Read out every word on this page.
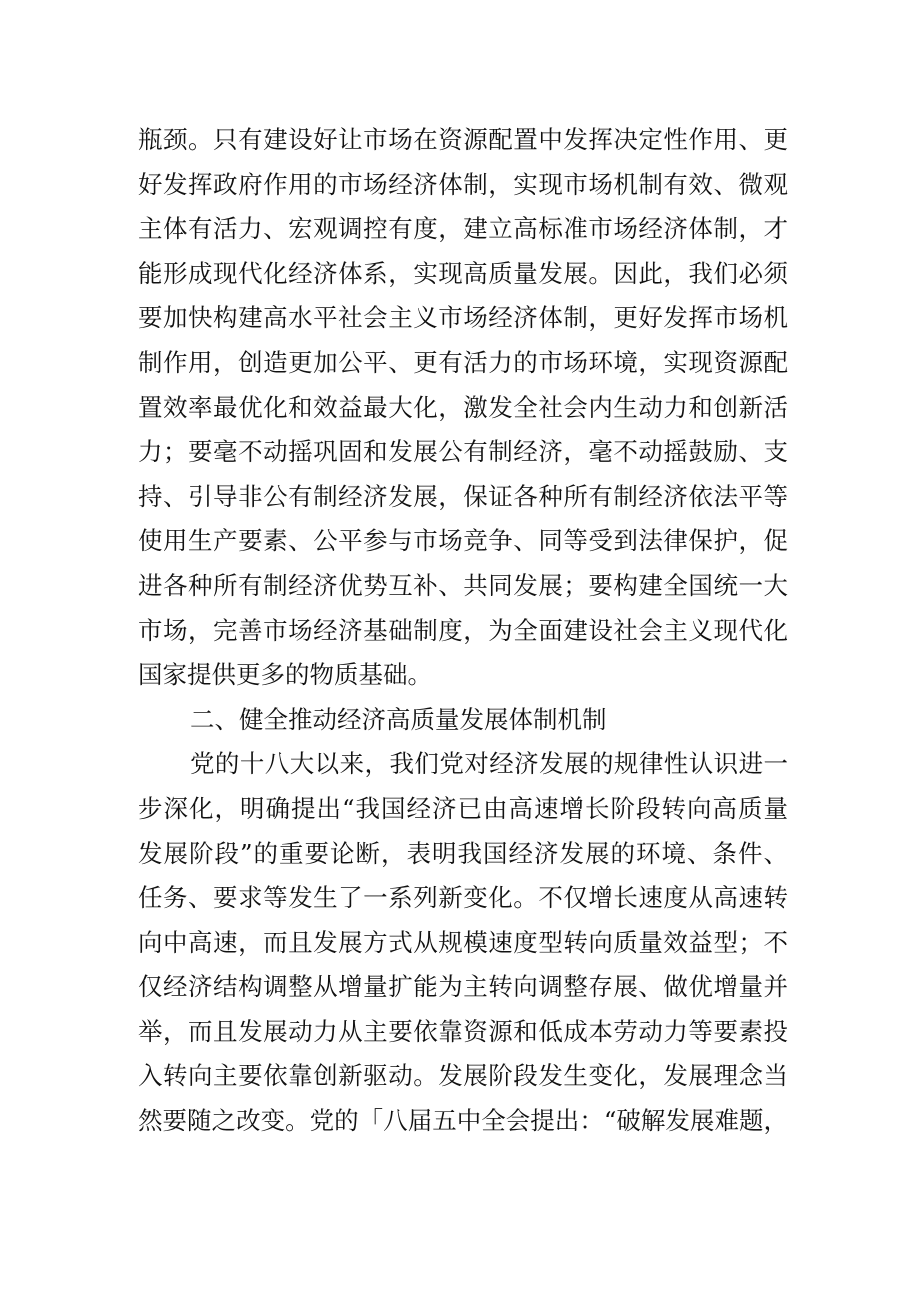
瓶颈。只有建设好让市场在资源配置中发挥决定性作用、更
好发挥政府作用的市场经济体制，实现市场机制有效、微观
主体有活力、宏观调控有度，建立高标准市场经济体制，才
能形成现代化经济体系，实现高质量发展。因此，我们必须
要加快构建高水平社会主义市场经济体制，更好发挥市场机
制作用，创造更加公平、更有活力的市场环境，实现资源配
置效率最优化和效益最大化，激发全社会内生动力和创新活
力；要毫不动摇巩固和发展公有制经济，毫不动摇鼓励、支
持、引导非公有制经济发展，保证各种所有制经济依法平等
使用生产要素、公平参与市场竞争、同等受到法律保护，促
进各种所有制经济优势互补、共同发展；要构建全国统一大
市场，完善市场经济基础制度，为全面建设社会主义现代化
国家提供更多的物质基础。
二、健全推动经济高质量发展体制机制
党的十八大以来，我们党对经济发展的规律性认识进一
步深化，明确提出“我国经济已由高速增长阶段转向高质量
发展阶段”的重要论断，表明我国经济发展的环境、条件、
任务、要求等发生了一系列新变化。不仅增长速度从高速转
向中高速，而且发展方式从规模速度型转向质量效益型；不
仅经济结构调整从增量扩能为主转向调整存展、做优增量并
举，而且发展动力从主要依靠资源和低成本劳动力等要素投
入转向主要依靠创新驱动。发展阶段发生变化，发展理念当
然要随之改变。党的「八届五中全会提出：“破解发展难题，
